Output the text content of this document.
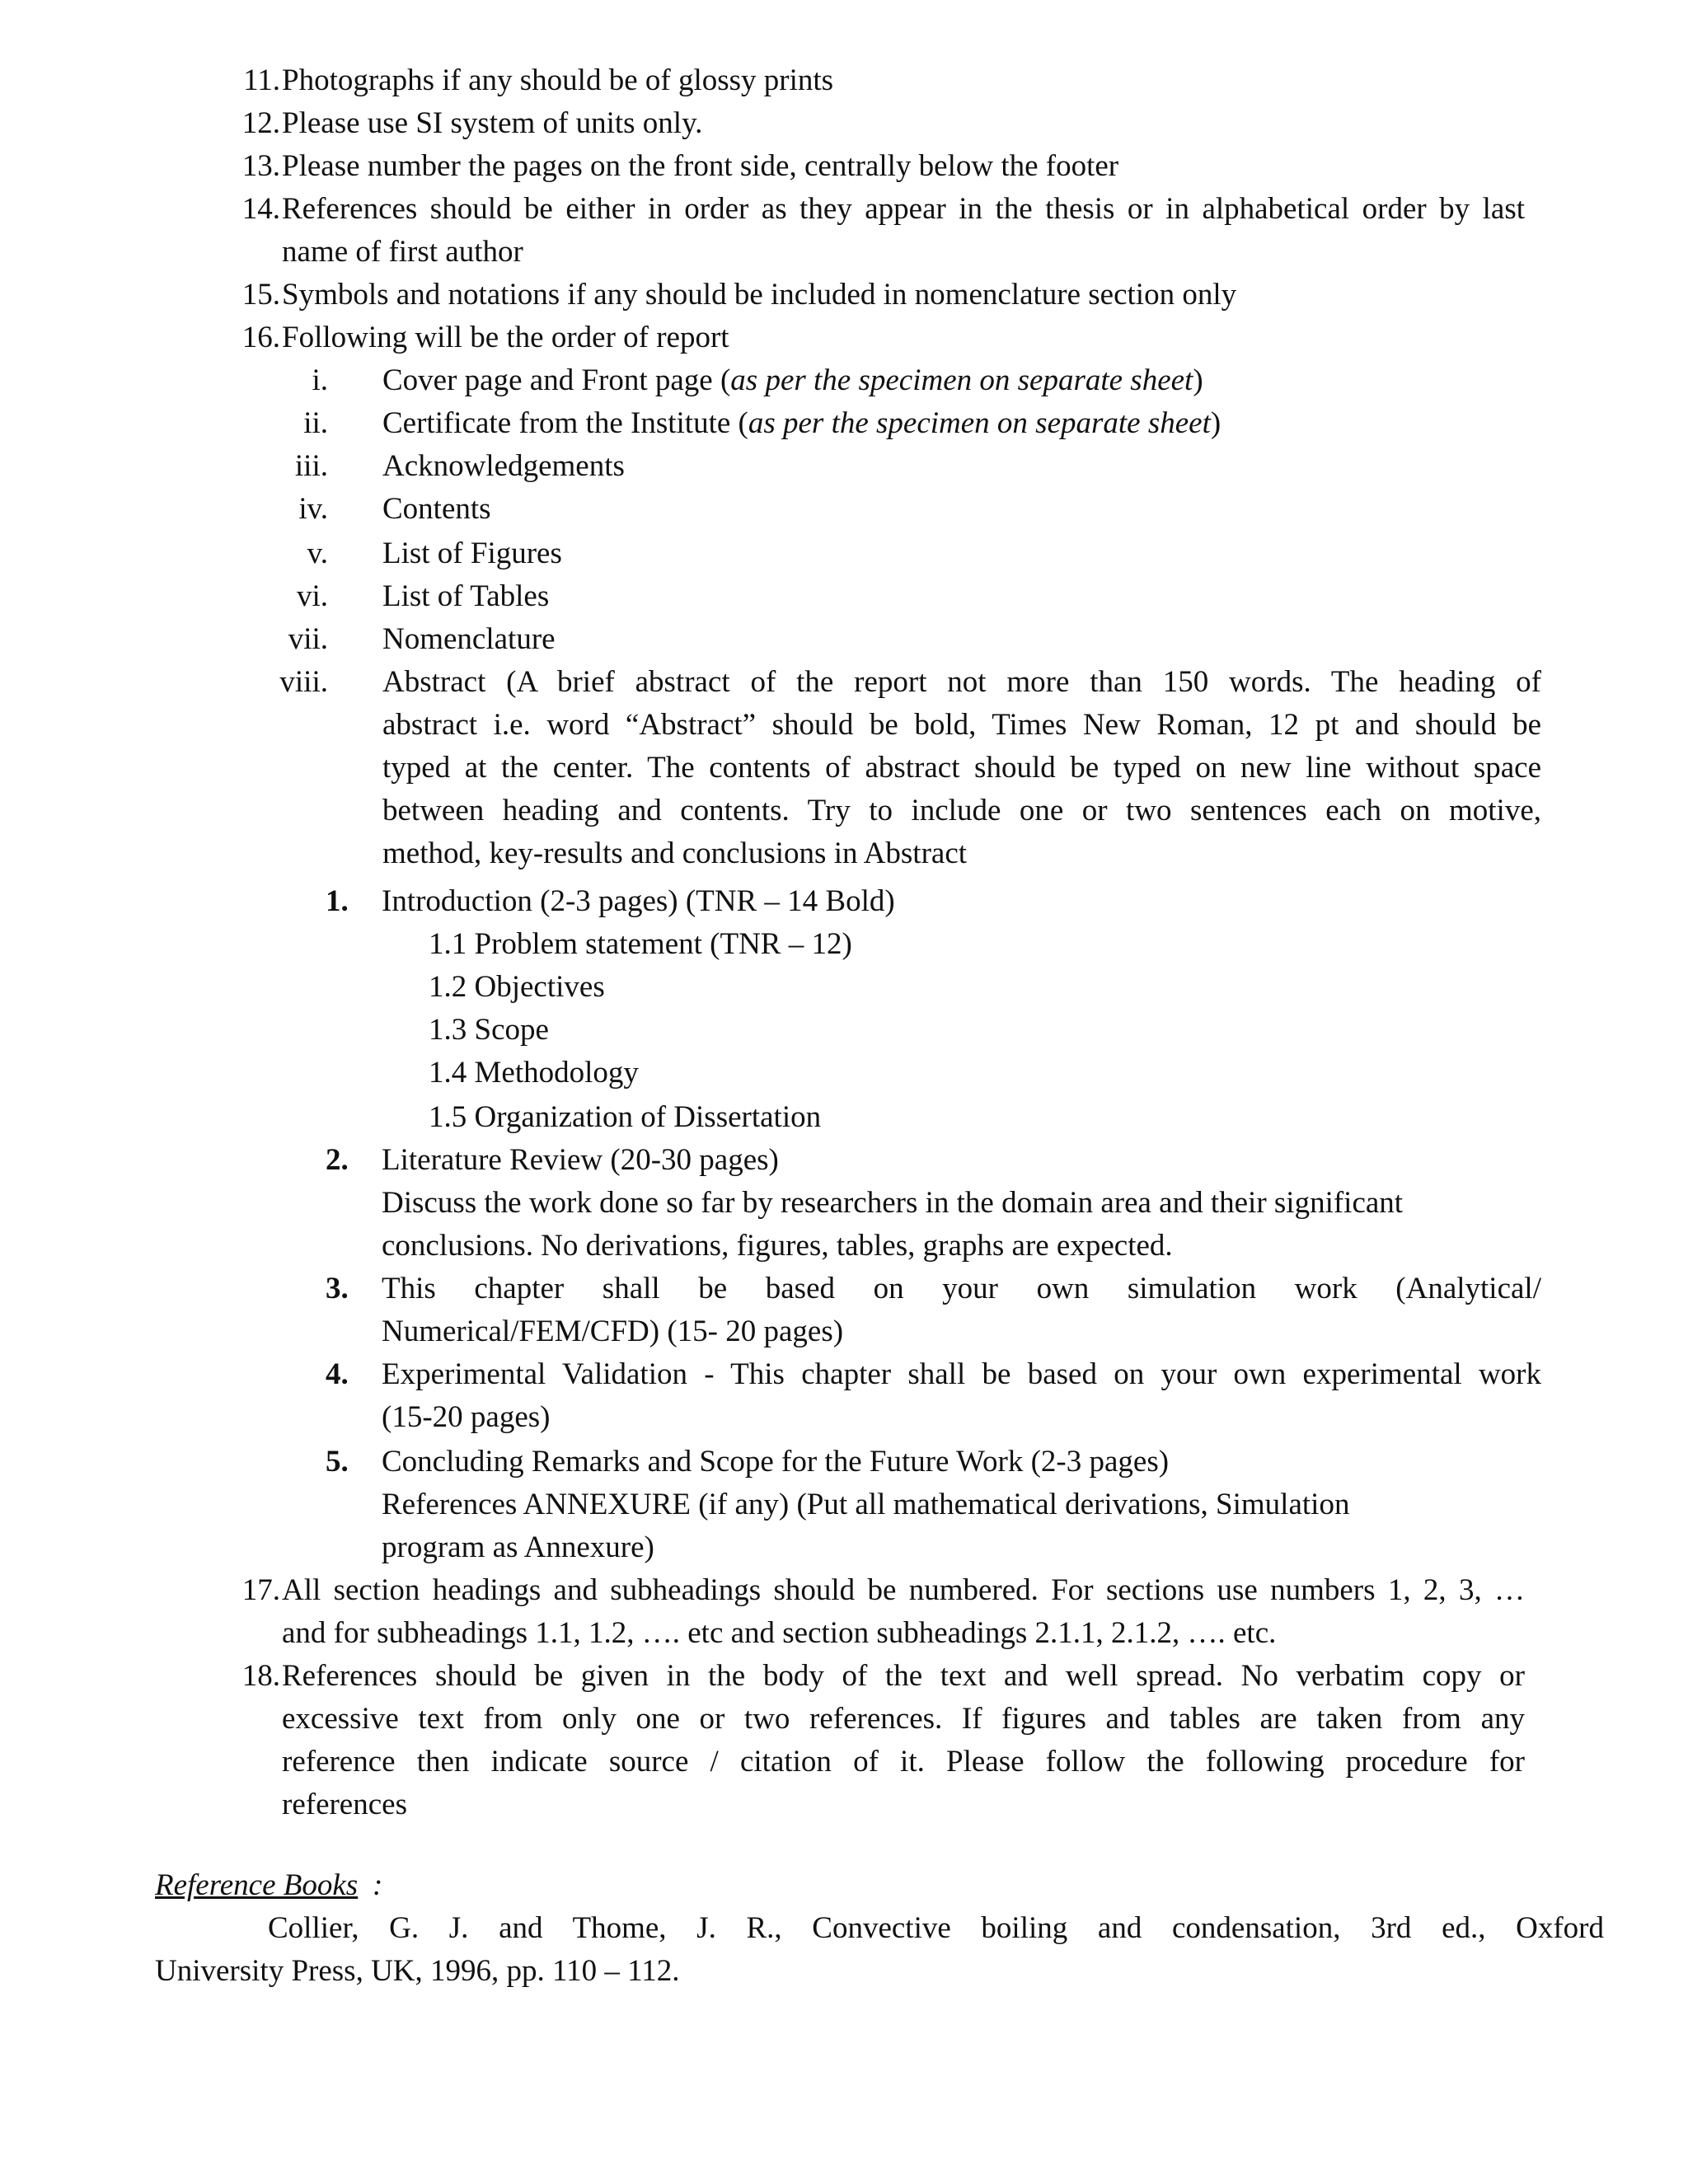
11. Photographs if any should be of glossy prints
12. Please use SI system of units only.
13. Please number the pages on the front side, centrally below the footer
14. References should be either in order as they appear in the thesis or in alphabetical order by last
name of first author
15. Symbols and notations if any should be included in nomenclature section only
16. Following will be the order of report
i. Cover page and Front page (as per the specimen on separate sheet)
ii. Certificate from the Institute (as per the specimen on separate sheet)
iii. Acknowledgements
iv. Contents
v. List of Figures
vi. List of Tables
vii. Nomenclature
viii. Abstract (A brief abstract of the report not more than 150 words. The heading of
abstract i.e. word “Abstract” should be bold, Times New Roman, 12 pt and should be
typed at the center. The contents of abstract should be typed on new line without space
between heading and contents. Try to include one or two sentences each on motive,
method, key-results and conclusions in Abstract
1.	Introduction (2-3 pages) (TNR – 14 Bold)
1.1 Problem statement (TNR – 12)
1.2 Objectives
1.3 Scope
1.4 Methodology
1.5 Organization of Dissertation
2.	Literature Review (20-30 pages)
Discuss the work done so far by researchers in the domain area and their significant
conclusions. No derivations, figures, tables, graphs are expected.
3.	This chapter shall be based on your own simulation work (Analytical/
Numerical/FEM/CFD) (15- 20 pages)
4.	Experimental Validation - This chapter shall be based on your own experimental work
(15-20 pages)
5.	Concluding Remarks and Scope for the Future Work (2-3 pages)
References ANNEXURE (if any) (Put all mathematical derivations, Simulation
program as Annexure)
17. All section headings and subheadings should be numbered. For sections use numbers 1, 2, 3, …
and for subheadings 1.1, 1.2, …. etc and section subheadings 2.1.1, 2.1.2, …. etc.
18. References should be given in the body of the text and well spread. No verbatim copy or
excessive text from only one or two references. If figures and tables are taken from any
reference then indicate source / citation of it. Please follow the following procedure for
references
Reference Books :
Collier, G. J. and Thome, J. R., Convective boiling and condensation, 3rd ed., Oxford
University Press, UK, 1996, pp. 110 – 112.
